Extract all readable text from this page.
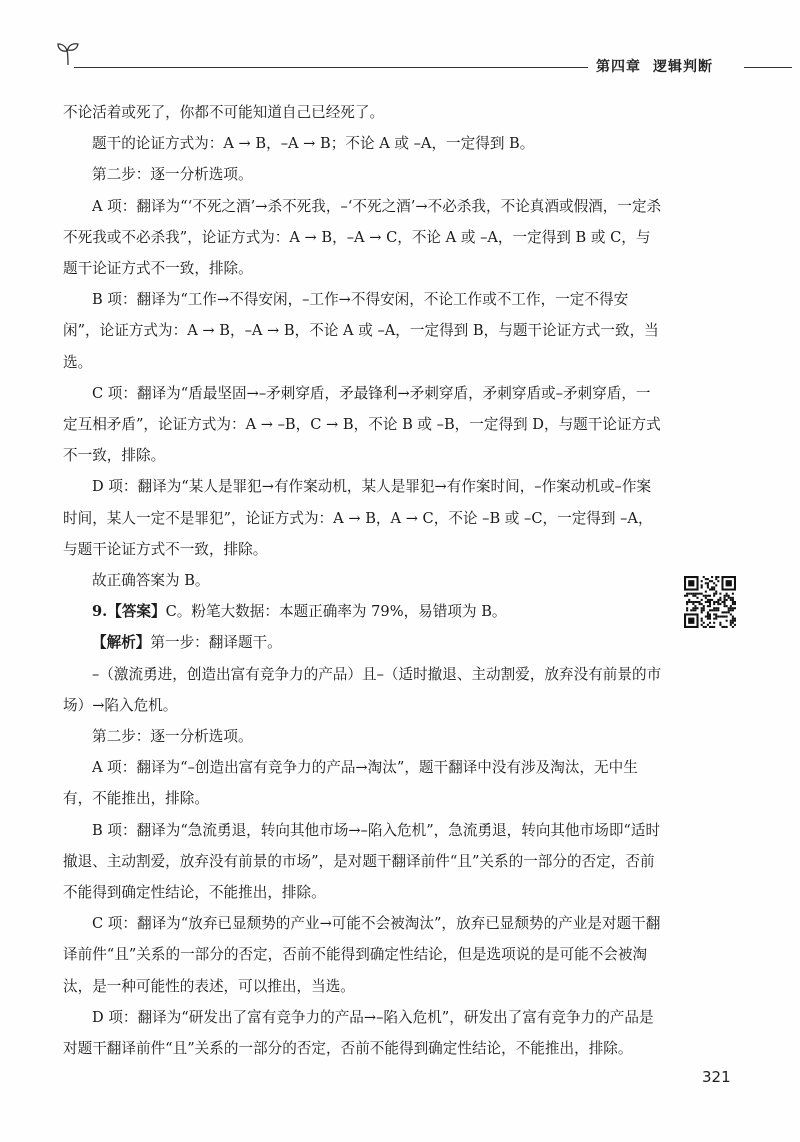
第四章 逻辑判断

不论活着或死了，你都不可能知道自己已经死了。

题干的论证方式为：A → B，–A → B；不论 A 或 –A，一定得到 B。

第二步：逐一分析选项。

A 项：翻译为“‘不死之酒’→杀不死我，–‘不死之酒’→不必杀我，不论真酒或假酒，一定杀不死我或不必杀我”，论证方式为：A → B，–A → C，不论 A 或 –A，一定得到 B 或 C，与题干论证方式不一致，排除。

B 项：翻译为“工作→不得安闲，–工作→不得安闲，不论工作或不工作，一定不得安闲”，论证方式为：A → B，–A → B，不论 A 或 –A，一定得到 B，与题干论证方式一致，当选。

C 项：翻译为“盾最坚固→–矛刺穿盾，矛最锋利→矛刺穿盾，矛刺穿盾或–矛刺穿盾，一定互相矛盾”，论证方式为：A → –B，C → B，不论 B 或 –B，一定得到 D，与题干论证方式不一致，排除。

D 项：翻译为“某人是罪犯→有作案动机，某人是罪犯→有作案时间，–作案动机或–作案时间，某人一定不是罪犯”，论证方式为：A → B，A → C，不论 –B 或 –C，一定得到 –A，与题干论证方式不一致，排除。

故正确答案为 B。

9.【答案】C。粉笔大数据：本题正确率为 79%，易错项为 B。

【解析】第一步：翻译题干。

–（激流勇进，创造出富有竞争力的产品）且–（适时撤退、主动割爱，放弃没有前景的市场）→陷入危机。

第二步：逐一分析选项。

A 项：翻译为“–创造出富有竞争力的产品→淘汰”，题干翻译中没有涉及淘汰，无中生有，不能推出，排除。

B 项：翻译为“急流勇退，转向其他市场→–陷入危机”，急流勇退，转向其他市场即“适时撤退、主动割爱，放弃没有前景的市场”，是对题干翻译前件“且”关系的一部分的否定，否前不能得到确定性结论，不能推出，排除。

C 项：翻译为“放弃已显颓势的产业→可能不会被淘汰”，放弃已显颓势的产业是对题干翻译前件“且”关系的一部分的否定，否前不能得到确定性结论，但是选项说的是可能不会被淘汰，是一种可能性的表述，可以推出，当选。

D 项：翻译为“研发出了富有竞争力的产品→–陷入危机”，研发出了富有竞争力的产品是对题干翻译前件“且”关系的一部分的否定，否前不能得到确定性结论，不能推出，排除。

321
